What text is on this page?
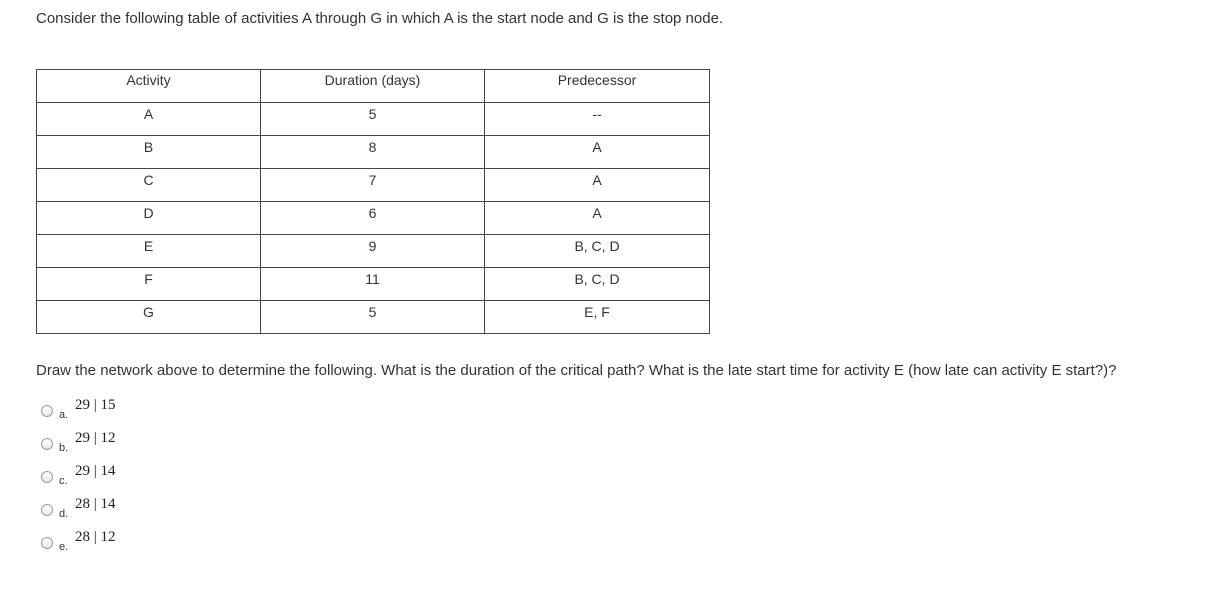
Consider the following table of activities A through G in which A is the start node and G is the stop node.
Activity	Duration (days)	Predecessor
A	5	--
B	8	A
C	7	A
D	6	A
E	9	B, C, D
F	11	B, C, D
G	5	E, F
Draw the network above to determine the following. What is the duration of the critical path? What is the late start time for activity E (how late can activity E start?)?
a.
29 | 15
b.
29 | 12
c.
29 | 14
d.
28 | 14
e.
28 | 12
